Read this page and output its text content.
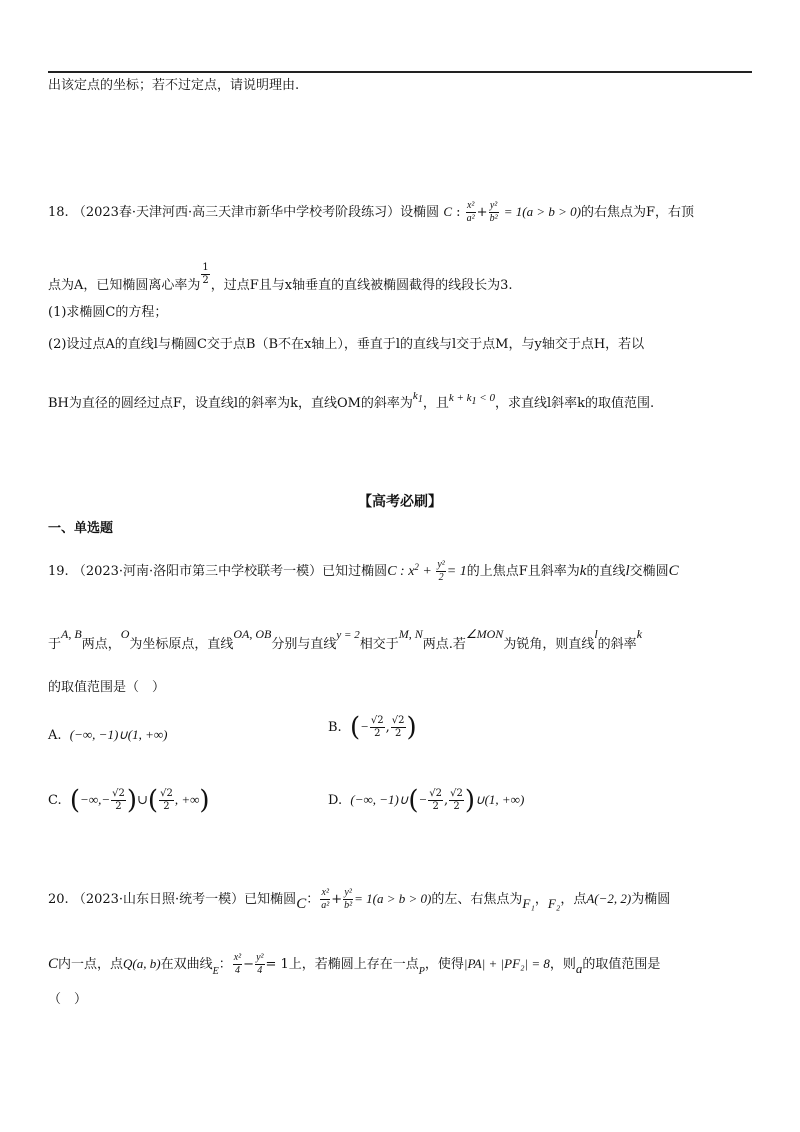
出该定点的坐标；若不过定点，请说明理由.
18. （2023春·天津河西·高三天津市新华中学校考阶段练习）设椭圆 C : $\frac{\text{x²}}{\text{a²}} + \frac{\text{y²}}{\text{b²}} = 1(a > b > 0)$的右焦点为F，右顶
点为A，已知椭圆离心率为 $\frac{1}{2}$ ，过点F且与x轴垂直的直线被椭圆截得的线段长为3.
(1)求椭圆C的方程；
(2)设过点A的直线l与椭圆C交于点B（B不在x轴上），垂直于l的直线与l交于点M，与y轴交于点H，若以
BH为直径的圆经过点F，设直线l的斜率为k，直线OM的斜率为$^{k_1}$，且$^{k + k_1 < 0}$，求直线l斜率k的取值范围.
【高考必刷】
一、单选题
19. （2023·河南·洛阳市第三中学校联考一模）已知过椭圆C : $x^2 + \frac{\text{y²}}{2} = 1$的上焦点F且斜率为k的直线l交椭圆C
于A, B两点，O为坐标原点，直线OA, OB分别与直线$^{y = 2}$相交于M, N两点.若∠MON为锐角，则直线l的斜率k
的取值范围是（　）
A. (−∞, −1)∪(1, +∞)	B. (− $\frac{√2}{2}$ , $\frac{√2}{2}$ )
C. (−∞,− $\frac{√2}{2}$ )∪( $\frac{√2}{2}$ , +∞)	D. (−∞, −1)∪(− $\frac{√2}{2}$ , $\frac{√2}{2}$ )∪(1, +∞)
20. （2023·山东日照·统考一模）已知椭圆C： $\frac{\text{x²}}{\text{a²}} + \frac{\text{y²}}{\text{b²}} = 1(a > b > 0)$的左、右焦点为F₁，F₂，点A(−2, 2)为椭圆
C内一点，点Q(a, b)在双曲线$_E$： $\frac{\text{x²}}{4} - \frac{\text{y²}}{4} = 1$上，若椭圆上存在一点$_P$，使得|PA| + |PF₂| = 8，则a的取值范围是
（　）
